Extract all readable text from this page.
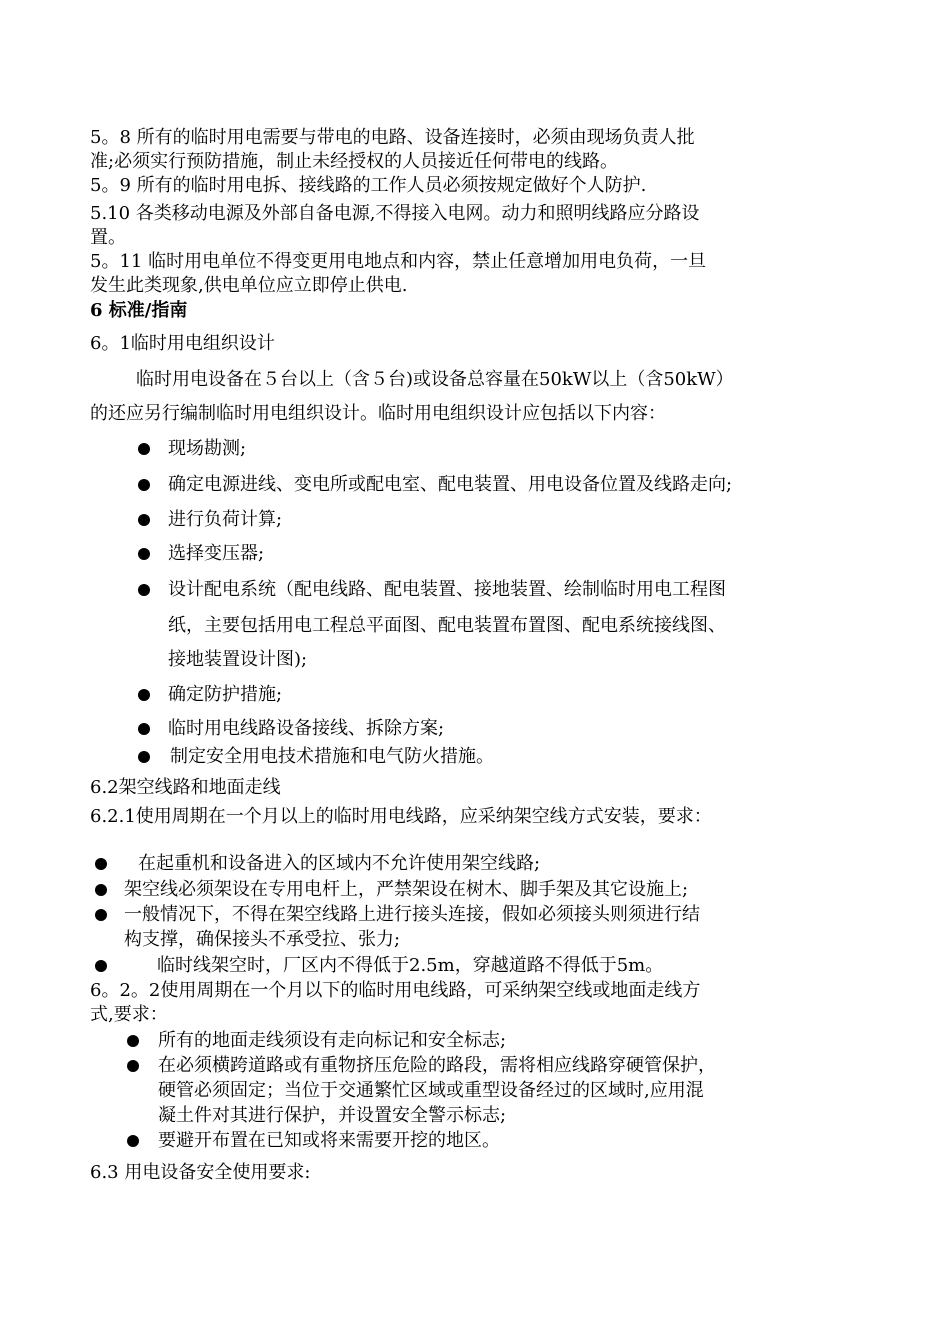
5。8 所有的临时用电需要与带电的电路、设备连接时，必须由现场负责人批
准;必须实行预防措施，制止未经授权的人员接近任何带电的线路。
5。9 所有的临时用电拆、接线路的工作人员必须按规定做好个人防护.
5.10 各类移动电源及外部自备电源,不得接入电网。动力和照明线路应分路设
置。
5。11 临时用电单位不得变更用电地点和内容，禁止任意增加用电负荷，一旦
发生此类现象,供电单位应立即停止供电.
6 标准/指南
6。1临时用电组织设计
临时用电设备在５台以上（含５台)或设备总容量在50kW以上（含50kW）
的还应另行编制临时用电组织设计。临时用电组织设计应包括以下内容：
现场勘测;
确定电源进线、变电所或配电室、配电装置、用电设备位置及线路走向;
进行负荷计算;
选择变压器;
设计配电系统（配电线路、配电装置、接地装置、绘制临时用电工程图
纸，主要包括用电工程总平面图、配电装置布置图、配电系统接线图、
接地装置设计图);
确定防护措施;
临时用电线路设备接线、拆除方案;
制定安全用电技术措施和电气防火措施。
6.2架空线路和地面走线
6.2.1使用周期在一个月以上的临时用电线路，应采纳架空线方式安装，要求：
在起重机和设备进入的区域内不允许使用架空线路;
架空线必须架设在专用电杆上，严禁架设在树木、脚手架及其它设施上;
一般情况下，不得在架空线路上进行接头连接，假如必须接头则须进行结
构支撑，确保接头不承受拉、张力;
临时线架空时，厂区内不得低于2.5m，穿越道路不得低于5m。
6。2。2使用周期在一个月以下的临时用电线路，可采纳架空线或地面走线方
式,要求：
所有的地面走线须设有走向标记和安全标志;
在必须横跨道路或有重物挤压危险的路段，需将相应线路穿硬管保护，
硬管必须固定；当位于交通繁忙区域或重型设备经过的区域时,应用混
凝土件对其进行保护，并设置安全警示标志;
要避开布置在已知或将来需要开挖的地区。
6.3 用电设备安全使用要求:
